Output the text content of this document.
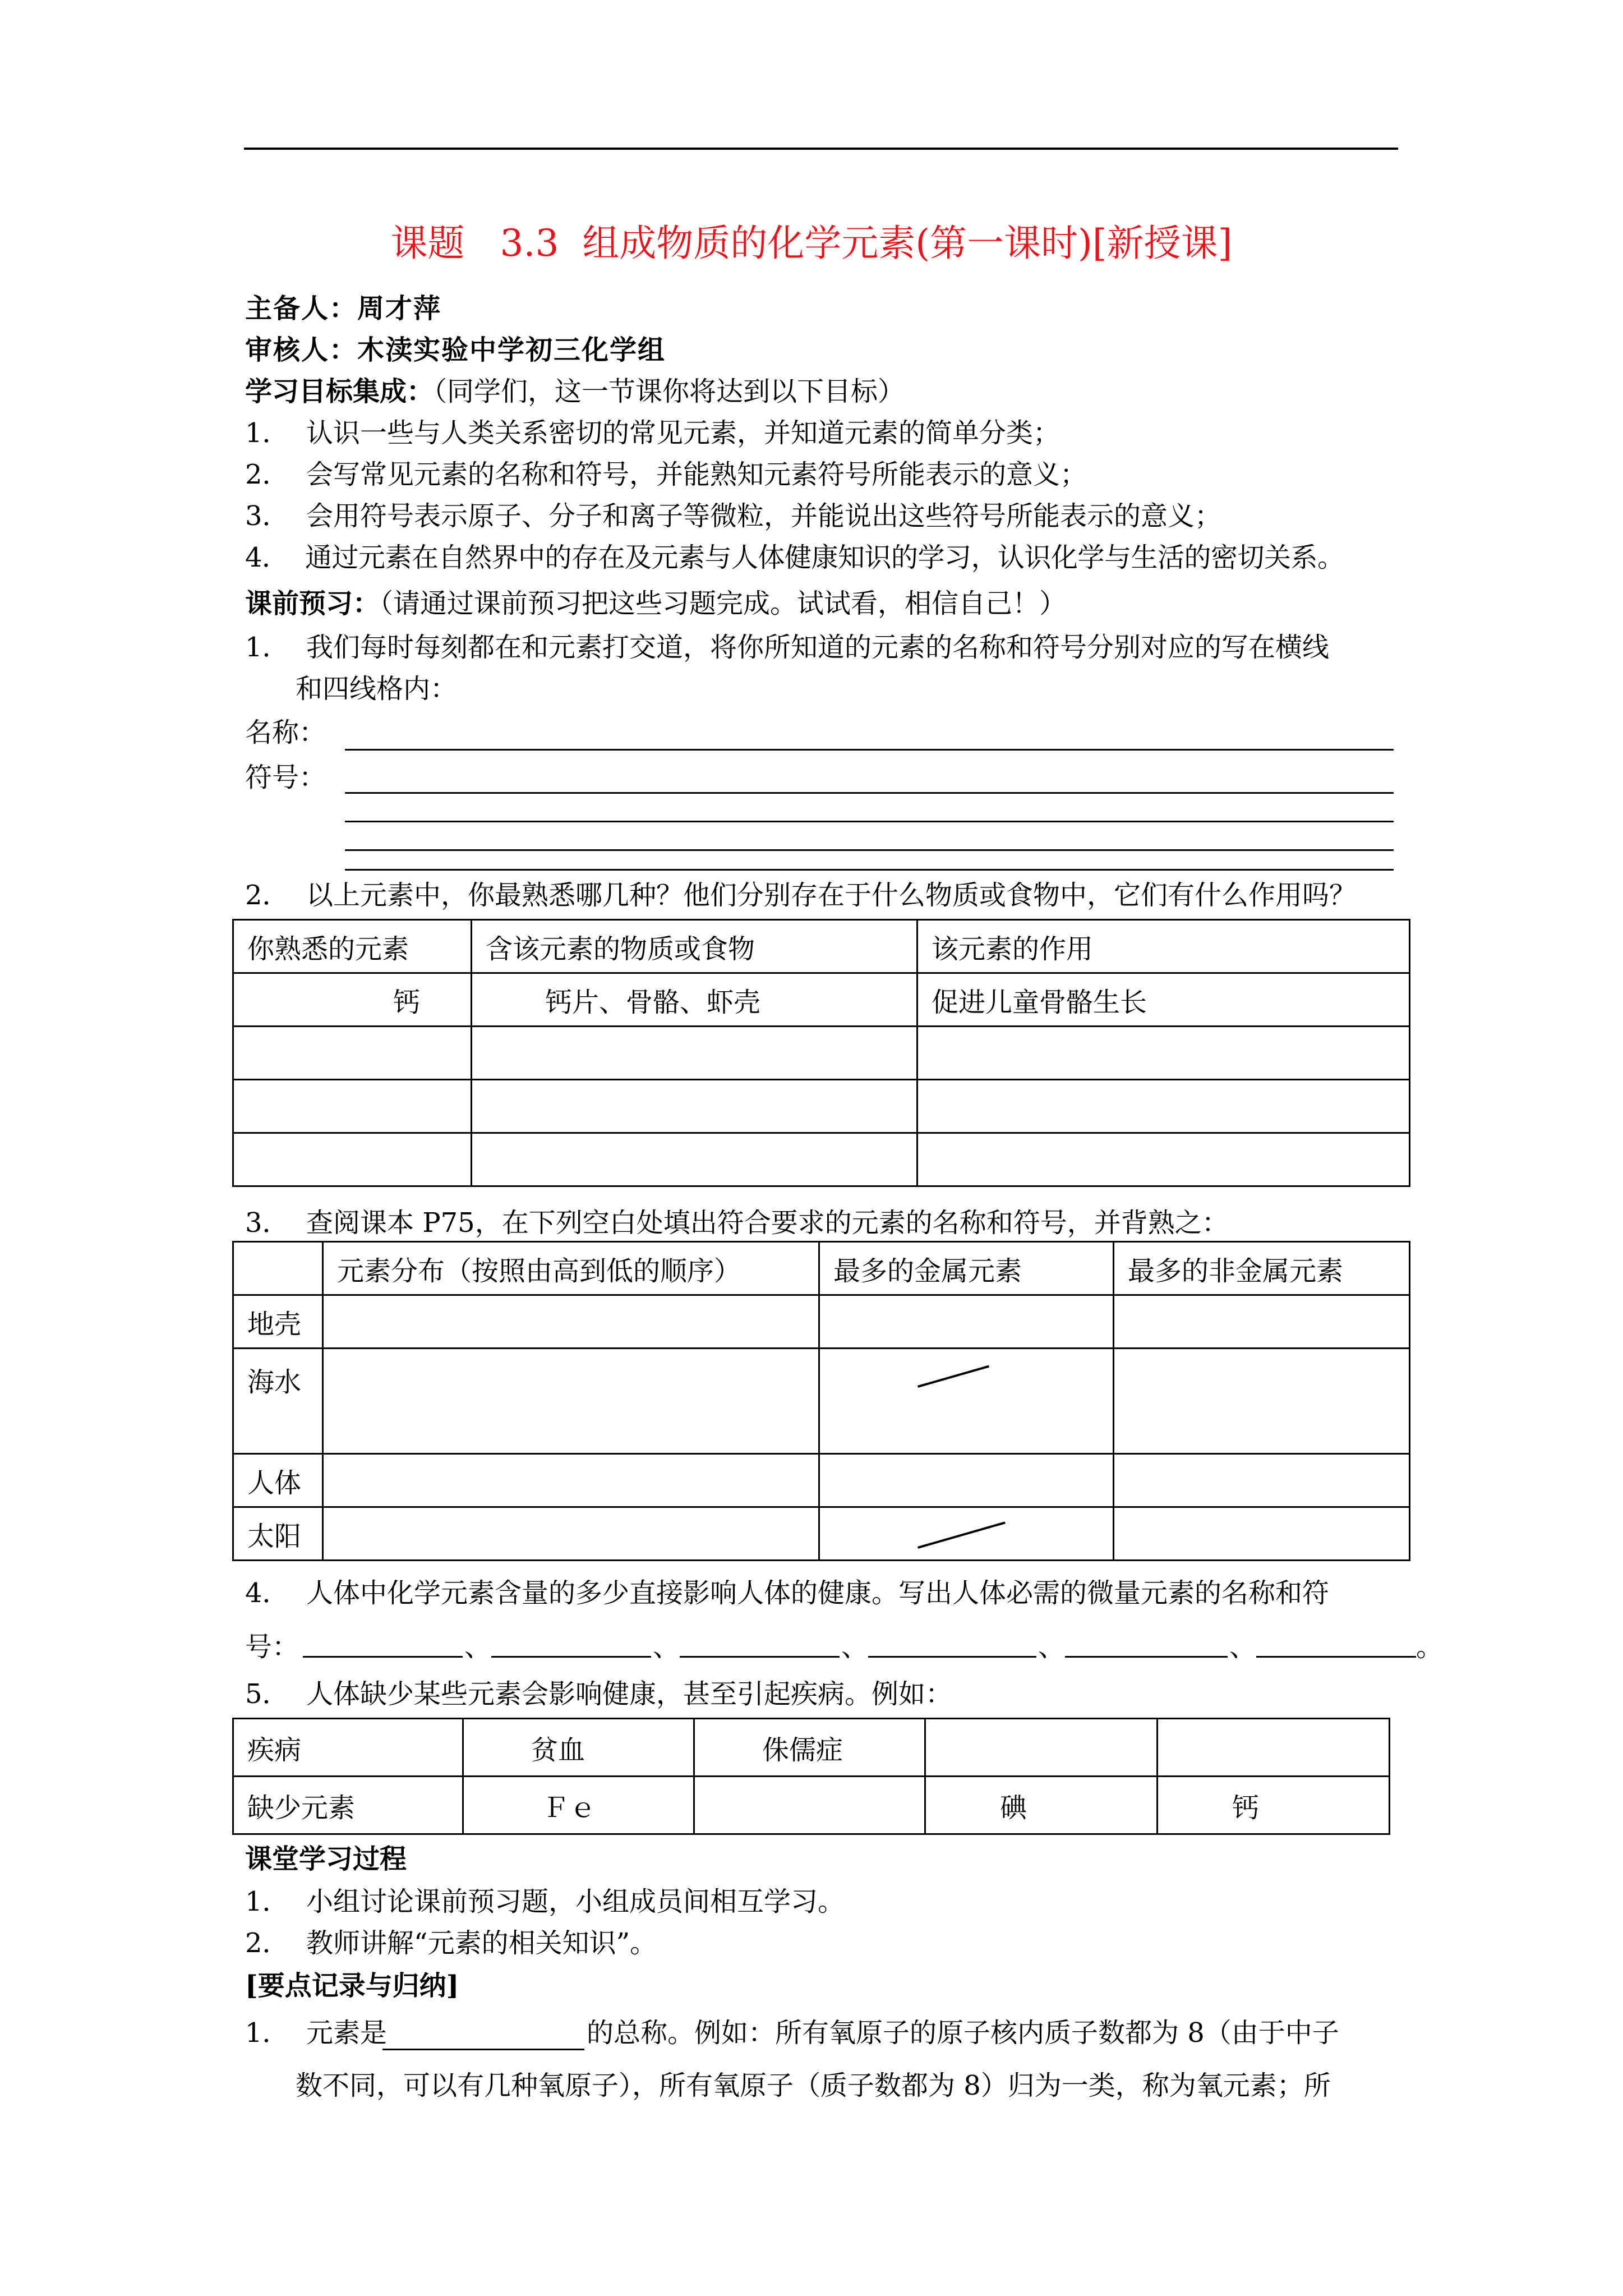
课题   3.3  组成物质的化学元素(第一课时)[新授课]
主备人：周才萍
审核人：木渎实验中学初三化学组
学习目标集成：（同学们，这一节课你将达到以下目标）
1．  认识一些与人类关系密切的常见元素，并知道元素的简单分类；
2．  会写常见元素的名称和符号，并能熟知元素符号所能表示的意义；
3．  会用符号表示原子、分子和离子等微粒，并能说出这些符号所能表示的意义；
4．  通过元素在自然界中的存在及元素与人体健康知识的学习，认识化学与生活的密切关系。
课前预习：（请通过课前预习把这些习题完成。试试看，相信自己！）
1．  我们每时每刻都在和元素打交道，将你所知道的元素的名称和符号分别对应的写在横线
和四线格内：
名称：
符号：
2．  以上元素中，你最熟悉哪几种？他们分别存在于什么物质或食物中，它们有什么作用吗？
你熟悉的元素	含该元素的物质或食物	该元素的作用
钙	钙片、骨骼、虾壳	促进儿童骨骼生长

3．  查阅课本 P75，在下列空白处填出符合要求的元素的名称和符号，并背熟之：
	元素分布（按照由高到低的顺序）	最多的金属元素	最多的非金属元素
地壳			
海水			
人体			
太阳			
4．  人体中化学元素含量的多少直接影响人体的健康。写出人体必需的微量元素的名称和符
号：	、	、	、	、	、	。
5．  人体缺少某些元素会影响健康，甚至引起疾病。例如：
疾病	贫血	侏儒症		
缺少元素	Ｆｅ		碘	钙
课堂学习过程
1．  小组讨论课前预习题，小组成员间相互学习。
2．  教师讲解“元素的相关知识”。
[要点记录与归纳]
1．  元素是	的总称。例如：所有氧原子的原子核内质子数都为 8（由于中子
数不同，可以有几种氧原子），所有氧原子（质子数都为 8）归为一类，称为氧元素；所
